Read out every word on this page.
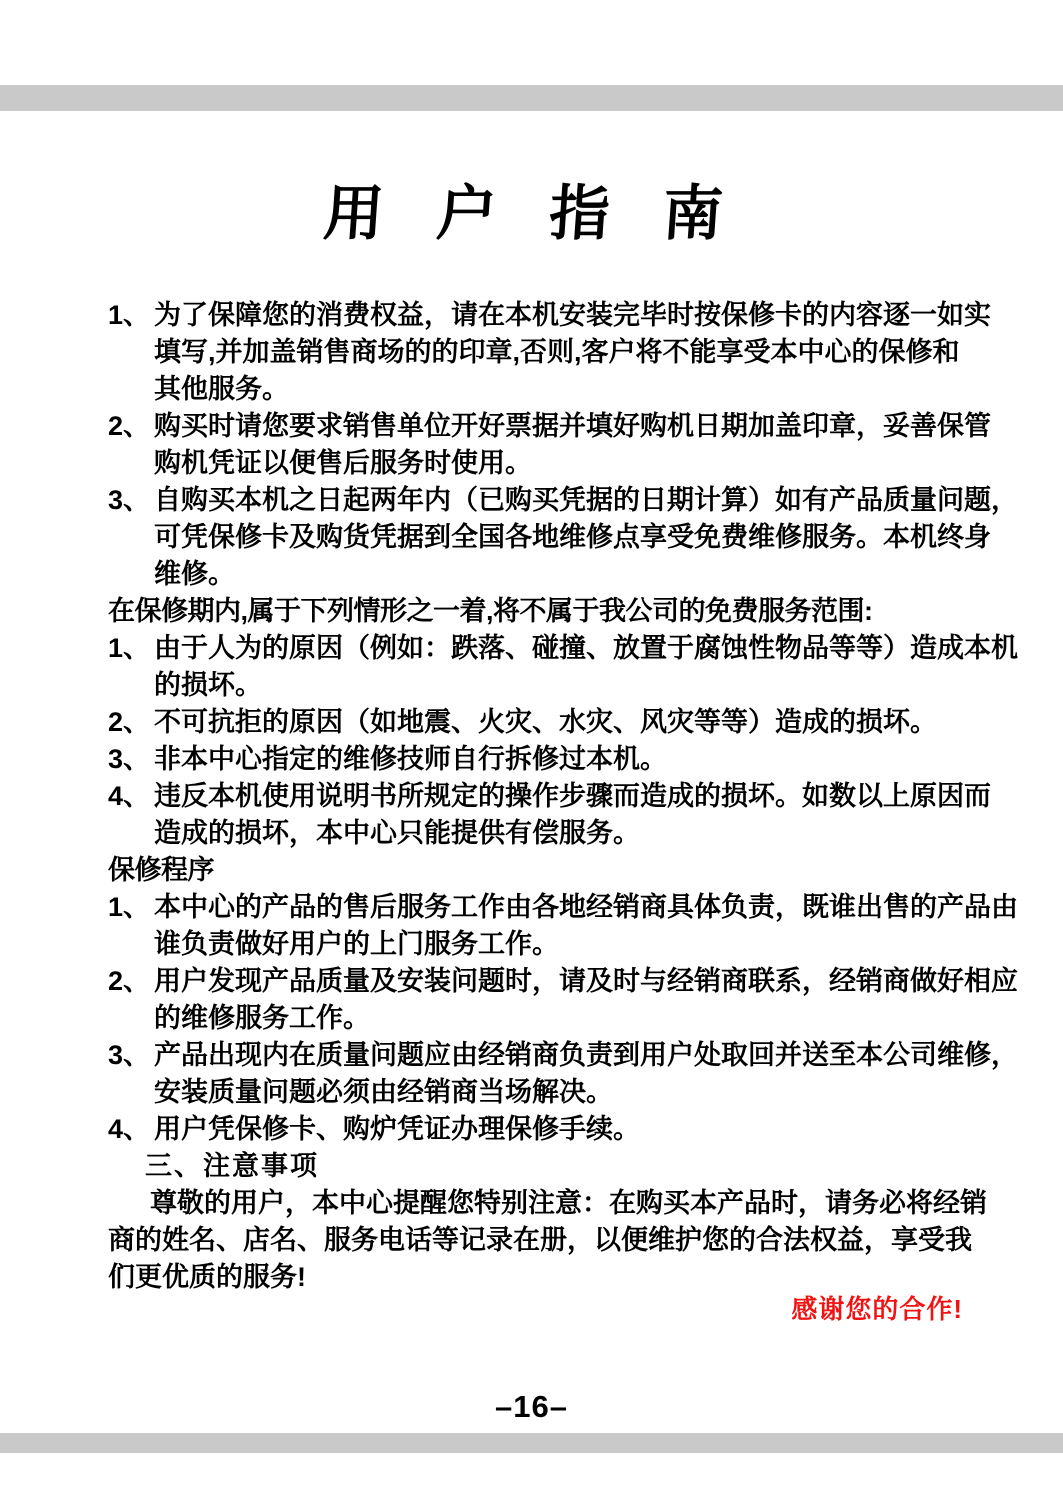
用 户 指 南
1、 为了保障您的消费权益，请在本机安装完毕时按保修卡的内容逐一如实
填写,并加盖销售商场的的印章,否则,客户将不能享受本中心的保修和
其他服务。
2、 购买时请您要求销售单位开好票据并填好购机日期加盖印章，妥善保管
购机凭证以便售后服务时使用。
3、 自购买本机之日起两年内（已购买凭据的日期计算）如有产品质量问题，
可凭保修卡及购货凭据到全国各地维修点享受免费维修服务。本机终身
维修。
在保修期内,属于下列情形之一着,将不属于我公司的免费服务范围:
1、 由于人为的原因（例如：跌落、碰撞、放置于腐蚀性物品等等）造成本机
的损坏。
2、 不可抗拒的原因（如地震、火灾、水灾、风灾等等）造成的损坏。
3、 非本中心指定的维修技师自行拆修过本机。
4、 违反本机使用说明书所规定的操作步骤而造成的损坏。如数以上原因而
造成的损坏，本中心只能提供有偿服务。
保修程序
1、 本中心的产品的售后服务工作由各地经销商具体负责，既谁出售的产品由
谁负责做好用户的上门服务工作。
2、 用户发现产品质量及安装问题时，请及时与经销商联系，经销商做好相应
的维修服务工作。
3、 产品出现内在质量问题应由经销商负责到用户处取回并送至本公司维修，
安装质量问题必须由经销商当场解决。
4、 用户凭保修卡、购炉凭证办理保修手续。
三、注意事项
尊敬的用户，本中心提醒您特别注意：在购买本产品时，请务必将经销
商的姓名、店名、服务电话等记录在册，以便维护您的合法权益，享受我
们更优质的服务!
感谢您的合作!
–16–
